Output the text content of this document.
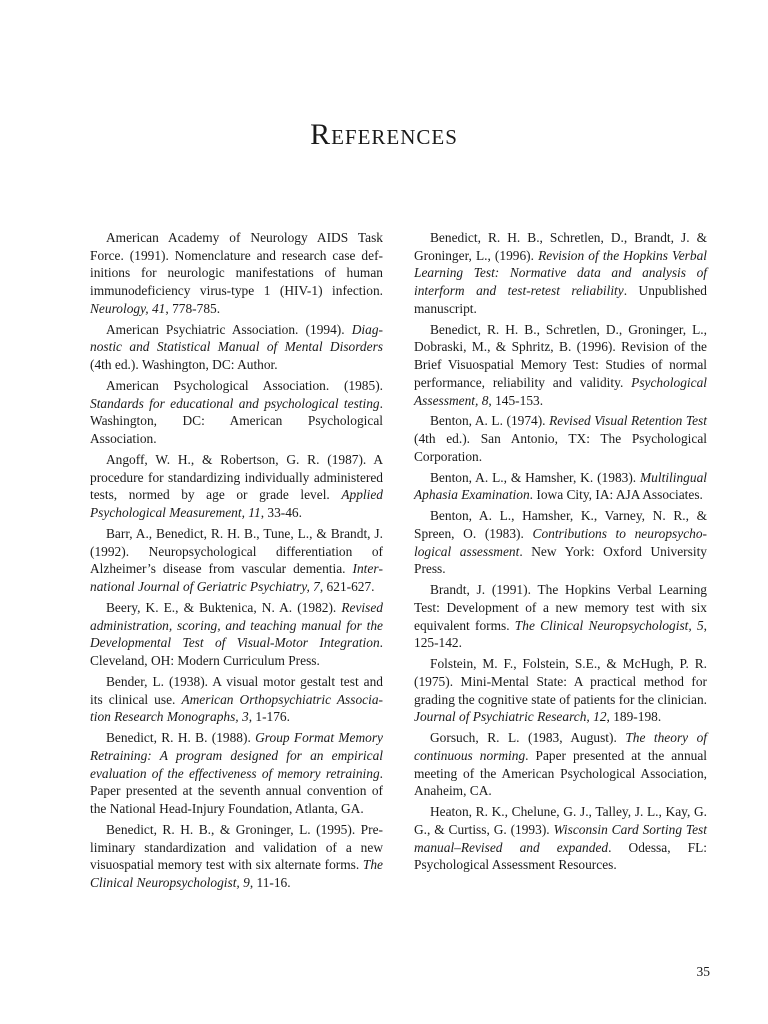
References

American Academy of Neurology AIDS Task Force. (1991). Nomenclature and research case definitions for neurologic manifestations of human immunodeficiency virus-type 1 (HIV-1) infection. Neurology, 41, 778-785.

American Psychiatric Association. (1994). Diagnostic and Statistical Manual of Mental Disorders (4th ed.). Washington, DC: Author.

American Psychological Association. (1985). Standards for educational and psychological testing. Washington, DC: American Psychological Association.

Angoff, W. H., & Robertson, G. R. (1987). A procedure for standardizing individually administered tests, normed by age or grade level. Applied Psychological Measurement, 11, 33-46.

Barr, A., Benedict, R. H. B., Tune, L., & Brandt, J. (1992). Neuropsychological differentiation of Alzheimer’s disease from vascular dementia. International Journal of Geriatric Psychiatry, 7, 621-627.

Beery, K. E., & Buktenica, N. A. (1982). Revised administration, scoring, and teaching manual for the Developmental Test of Visual-Motor Integration. Cleveland, OH: Modern Curriculum Press.

Bender, L. (1938). A visual motor gestalt test and its clinical use. American Orthopsychiatric Association Research Monographs, 3, 1-176.

Benedict, R. H. B. (1988). Group Format Memory Retraining: A program designed for an empirical evaluation of the effectiveness of memory retraining. Paper presented at the seventh annual convention of the National Head-Injury Foundation, Atlanta, GA.

Benedict, R. H. B., & Groninger, L. (1995). Preliminary standardization and validation of a new visuospatial memory test with six alternate forms. The Clinical Neuropsychologist, 9, 11-16.

Benedict, R. H. B., Schretlen, D., Brandt, J. & Groninger, L., (1996). Revision of the Hopkins Verbal Learning Test: Normative data and analysis of interform and test-retest reliability. Unpublished manuscript.

Benedict, R. H. B., Schretlen, D., Groninger, L., Dobraski, M., & Sphritz, B. (1996). Revision of the Brief Visuospatial Memory Test: Studies of normal performance, reliability and validity. Psychological Assessment, 8, 145-153.

Benton, A. L. (1974). Revised Visual Retention Test (4th ed.). San Antonio, TX: The Psychological Corporation.

Benton, A. L., & Hamsher, K. (1983). Multilingual Aphasia Examination. Iowa City, IA: AJA Associates.

Benton, A. L., Hamsher, K., Varney, N. R., & Spreen, O. (1983). Contributions to neuropsychological assessment. New York: Oxford University Press.

Brandt, J. (1991). The Hopkins Verbal Learning Test: Development of a new memory test with six equivalent forms. The Clinical Neuropsychologist, 5, 125-142.

Folstein, M. F., Folstein, S.E., & McHugh, P. R. (1975). Mini-Mental State: A practical method for grading the cognitive state of patients for the clinician. Journal of Psychiatric Research, 12, 189-198.

Gorsuch, R. L. (1983, August). The theory of continuous norming. Paper presented at the annual meeting of the American Psychological Association, Anaheim, CA.

Heaton, R. K., Chelune, G. J., Talley, J. L., Kay, G. G., & Curtiss, G. (1993). Wisconsin Card Sorting Test manual–Revised and expanded. Odessa, FL: Psychological Assessment Resources.

35
